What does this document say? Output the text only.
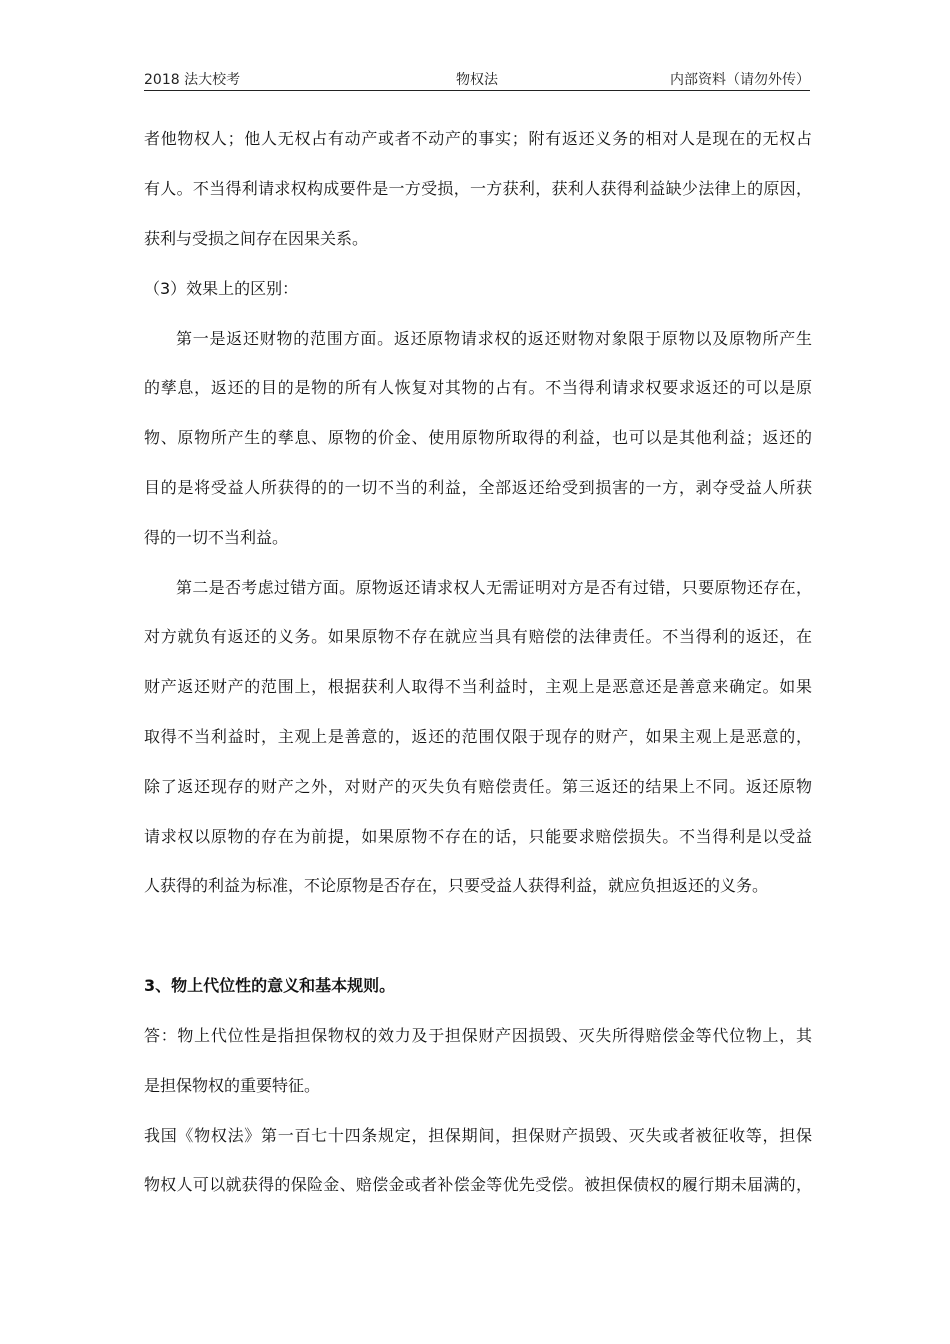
2018 法大校考	物权法	内部资料（请勿外传）
者他物权人；他人无权占有动产或者不动产的事实；附有返还义务的相对人是现在的无权占
有人。不当得利请求权构成要件是一方受损，一方获利，获利人获得利益缺少法律上的原因，
获利与受损之间存在因果关系。
（3）效果上的区别：
第一是返还财物的范围方面。返还原物请求权的返还财物对象限于原物以及原物所产生
的孳息，返还的目的是物的所有人恢复对其物的占有。不当得利请求权要求返还的可以是原
物、原物所产生的孳息、原物的价金、使用原物所取得的利益，也可以是其他利益；返还的
目的是将受益人所获得的的一切不当的利益，全部返还给受到损害的一方，剥夺受益人所获
得的一切不当利益。
第二是否考虑过错方面。原物返还请求权人无需证明对方是否有过错，只要原物还存在，
对方就负有返还的义务。如果原物不存在就应当具有赔偿的法律责任。不当得利的返还，在
财产返还财产的范围上，根据获利人取得不当利益时，主观上是恶意还是善意来确定。如果
取得不当利益时，主观上是善意的，返还的范围仅限于现存的财产，如果主观上是恶意的，
除了返还现存的财产之外，对财产的灭失负有赔偿责任。第三返还的结果上不同。返还原物
请求权以原物的存在为前提，如果原物不存在的话，只能要求赔偿损失。不当得利是以受益
人获得的利益为标准，不论原物是否存在，只要受益人获得利益，就应负担返还的义务。
3、物上代位性的意义和基本规则。
答：物上代位性是指担保物权的效力及于担保财产因损毁、灭失所得赔偿金等代位物上，其
是担保物权的重要特征。
我国《物权法》第一百七十四条规定，担保期间，担保财产损毁、灭失或者被征收等，担保
物权人可以就获得的保险金、赔偿金或者补偿金等优先受偿。被担保债权的履行期未届满的，
